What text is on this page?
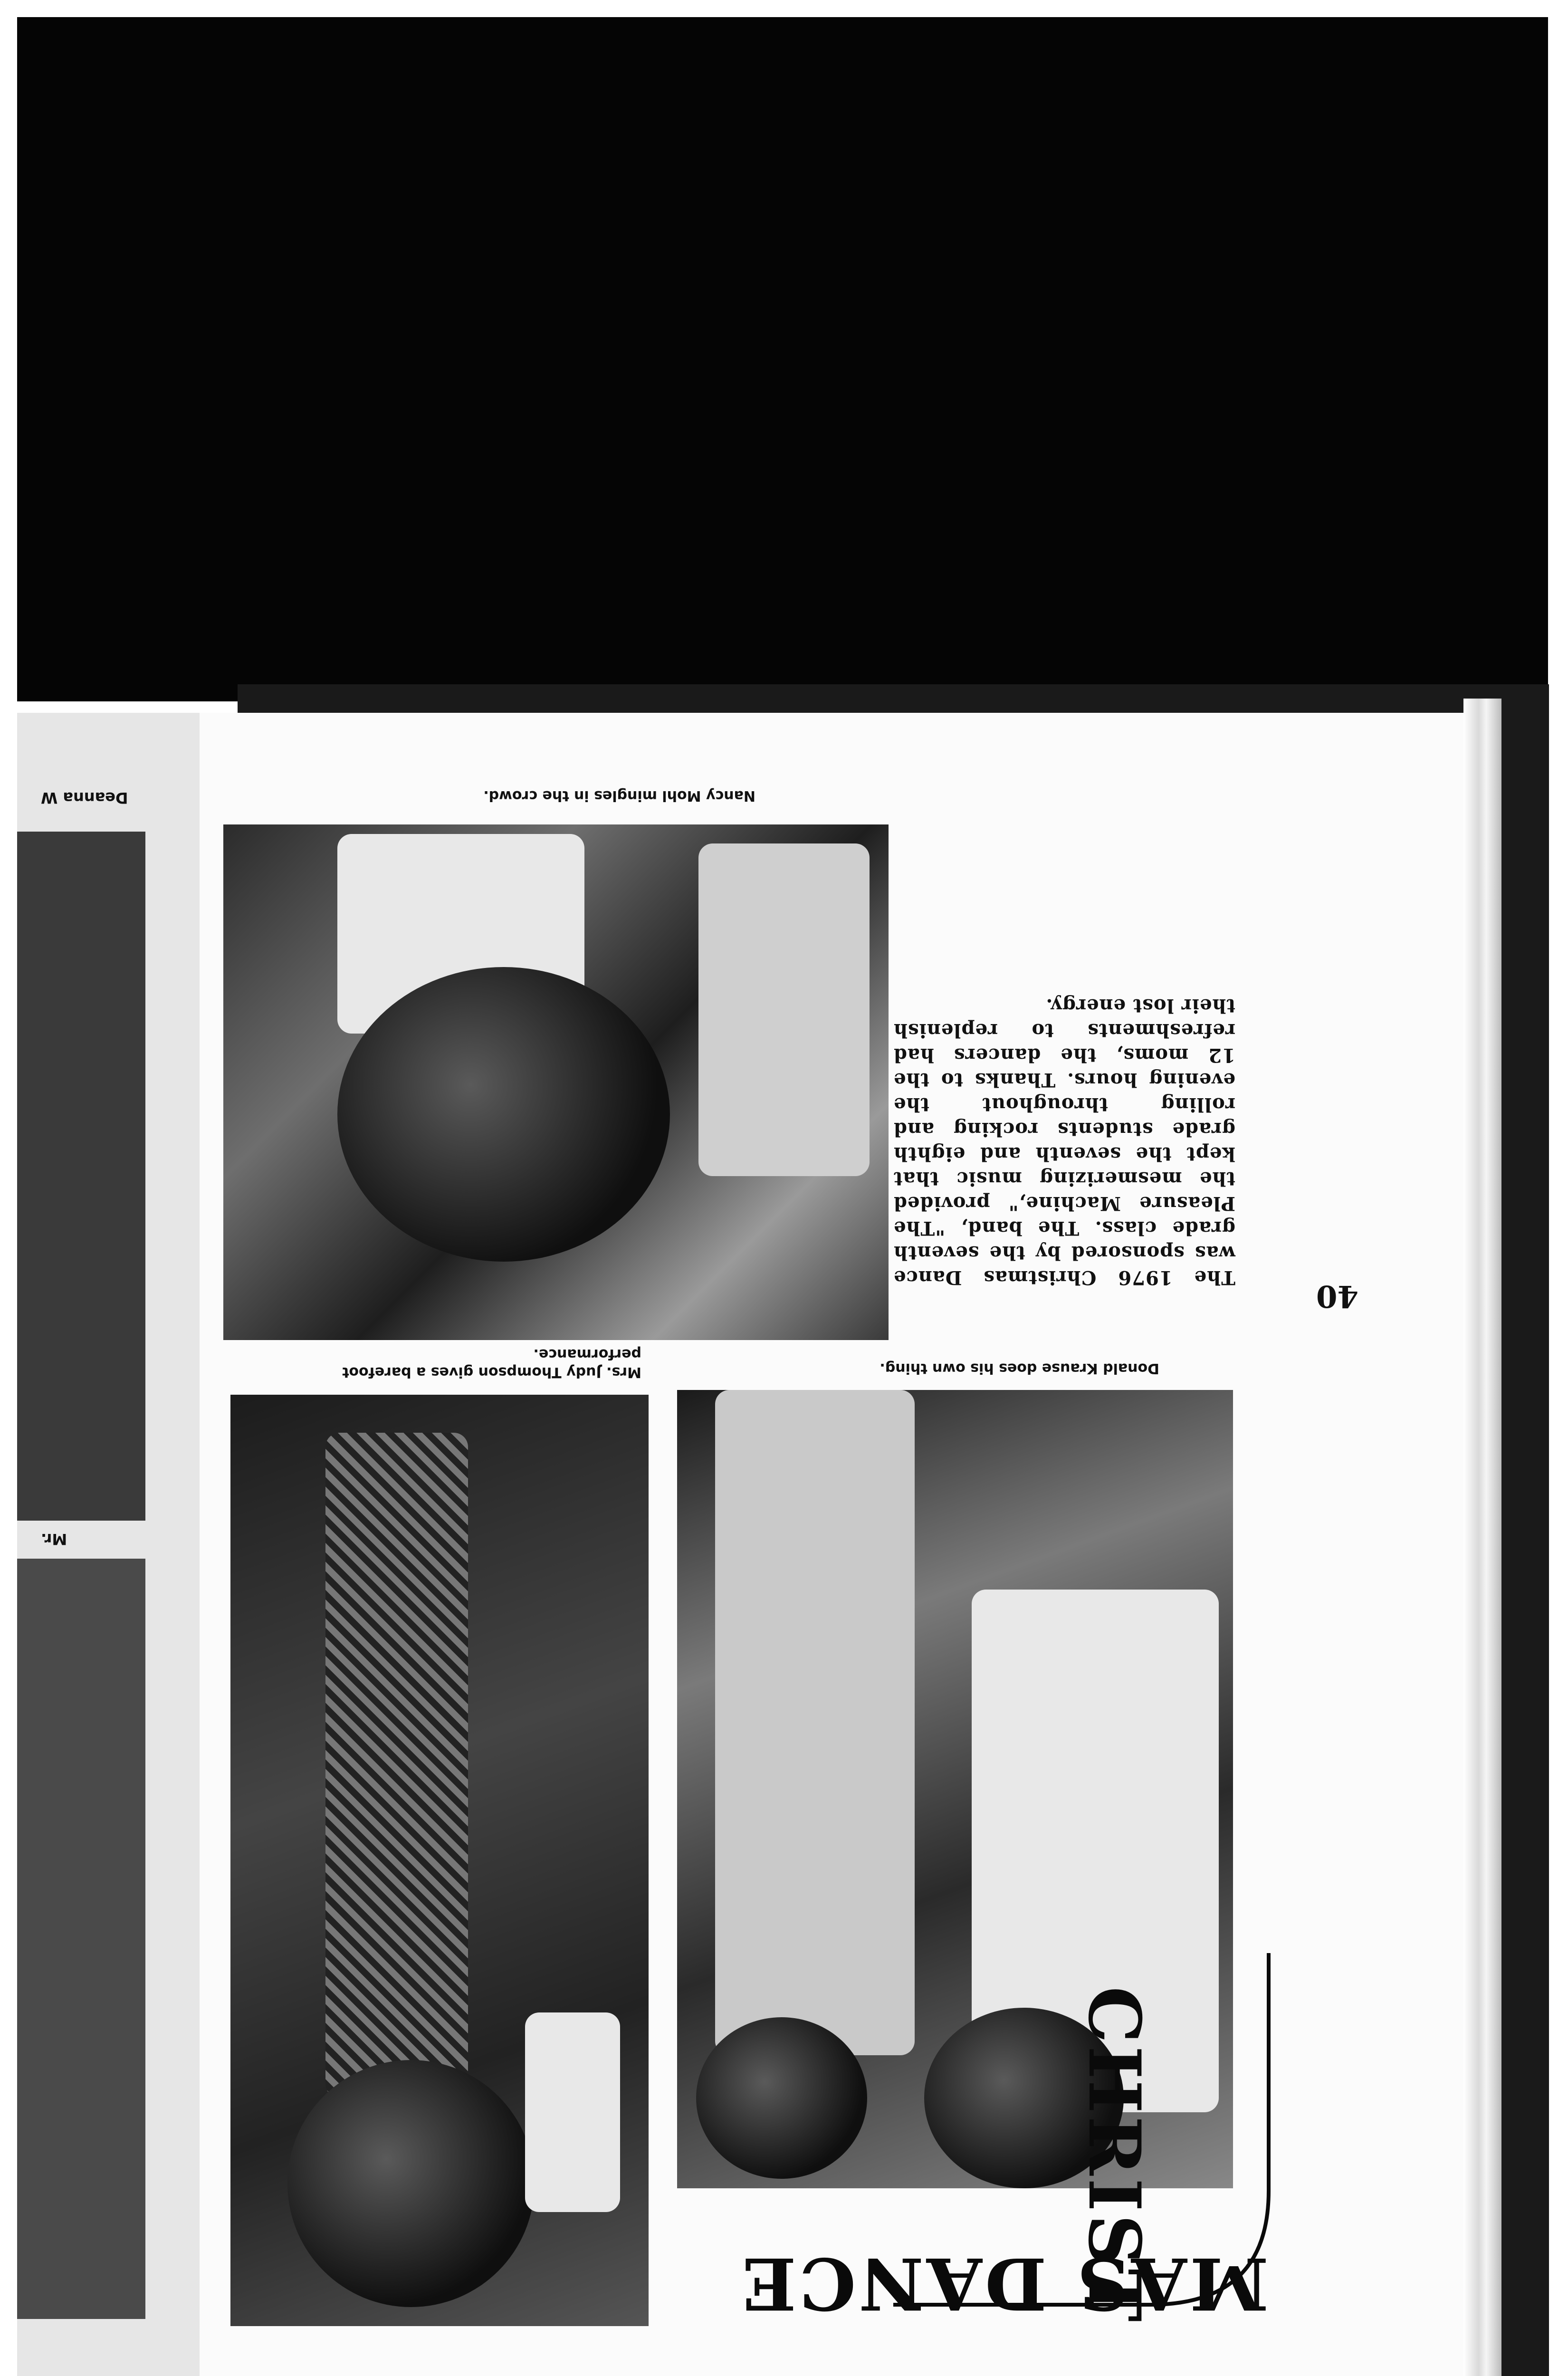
Deanna W
Mr.
Nancy Mohl mingles in the crowd.
The 1976 Christmas Dance was sponsored by the seventh grade class. The band, "The Pleasure Machine," provided the mesmerizing music that kept the seventh and eighth grade students rocking and rolling throughout the evening hours. Thanks to the 12 moms, the dancers had refreshments to replenish their lost energy.
40
Mrs. Judy Thompson gives a barefoot performance.
Donald Krause does his own thing.
CHRIST
MAS DANCE
